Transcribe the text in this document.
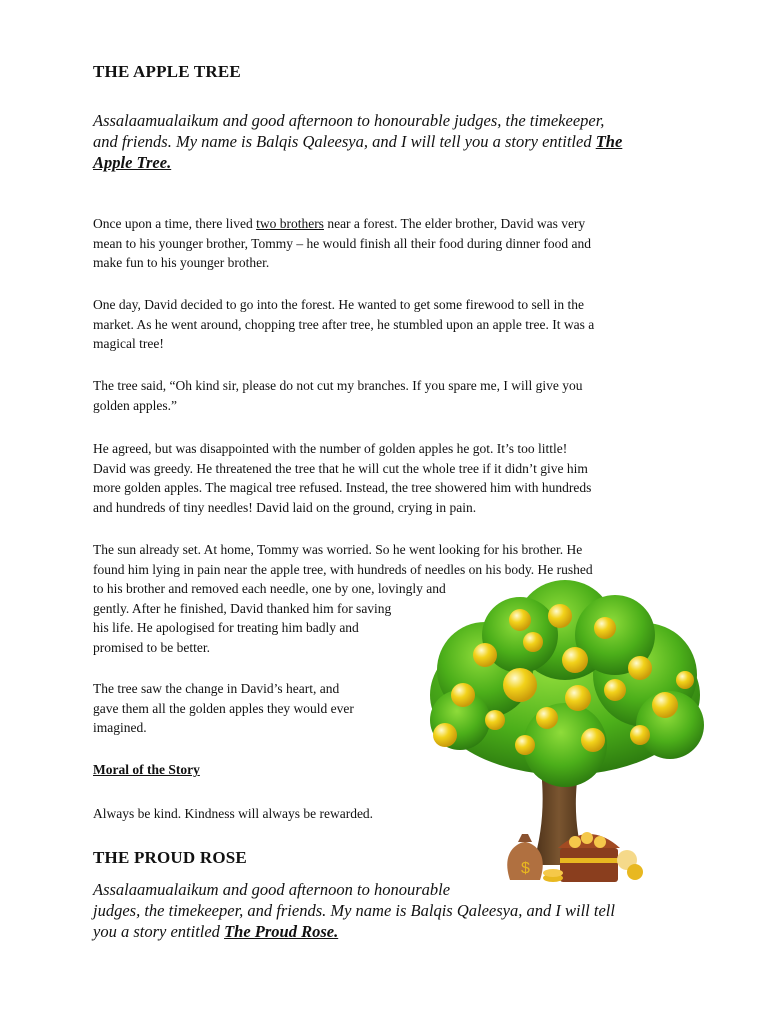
THE APPLE TREE
Assalaamualaikum and good afternoon to honourable judges, the timekeeper,
and friends. My name is Balqis Qaleesya, and I will tell you a story entitled The
Apple Tree.
Once upon a time, there lived two brothers near a forest. The elder brother, David was very
mean to his younger brother, Tommy – he would finish all their food during dinner food and
make fun to his younger brother.
One day, David decided to go into the forest. He wanted to get some firewood to sell in the
market. As he went around, chopping tree after tree, he stumbled upon an apple tree. It was a
magical tree!
The tree said, “Oh kind sir, please do not cut my branches. If you spare me, I will give you
golden apples.”
He agreed, but was disappointed with the number of golden apples he got. It’s too little!
David was greedy. He threatened the tree that he will cut the whole tree if it didn’t give him
more golden apples. The magical tree refused. Instead, the tree showered him with hundreds
and hundreds of tiny needles! David laid on the ground, crying in pain.
The sun already set. At home, Tommy was worried. So he went looking for his brother. He
found him lying in pain near the apple tree, with hundreds of needles on his body. He rushed
to his brother and removed each needle, one by one, lovingly and
gently. After he finished, David thanked him for saving
his life. He apologised for treating him badly and
promised to be better.
The tree saw the change in David’s heart, and
gave them all the golden apples they would ever
imagined.
Moral of the Story
Always be kind. Kindness will always be rewarded.
THE PROUD ROSE
Assalaamualaikum and good afternoon to honourable
judges, the timekeeper, and friends. My name is Balqis Qaleesya, and I will tell
you a story entitled The Proud Rose.
$
